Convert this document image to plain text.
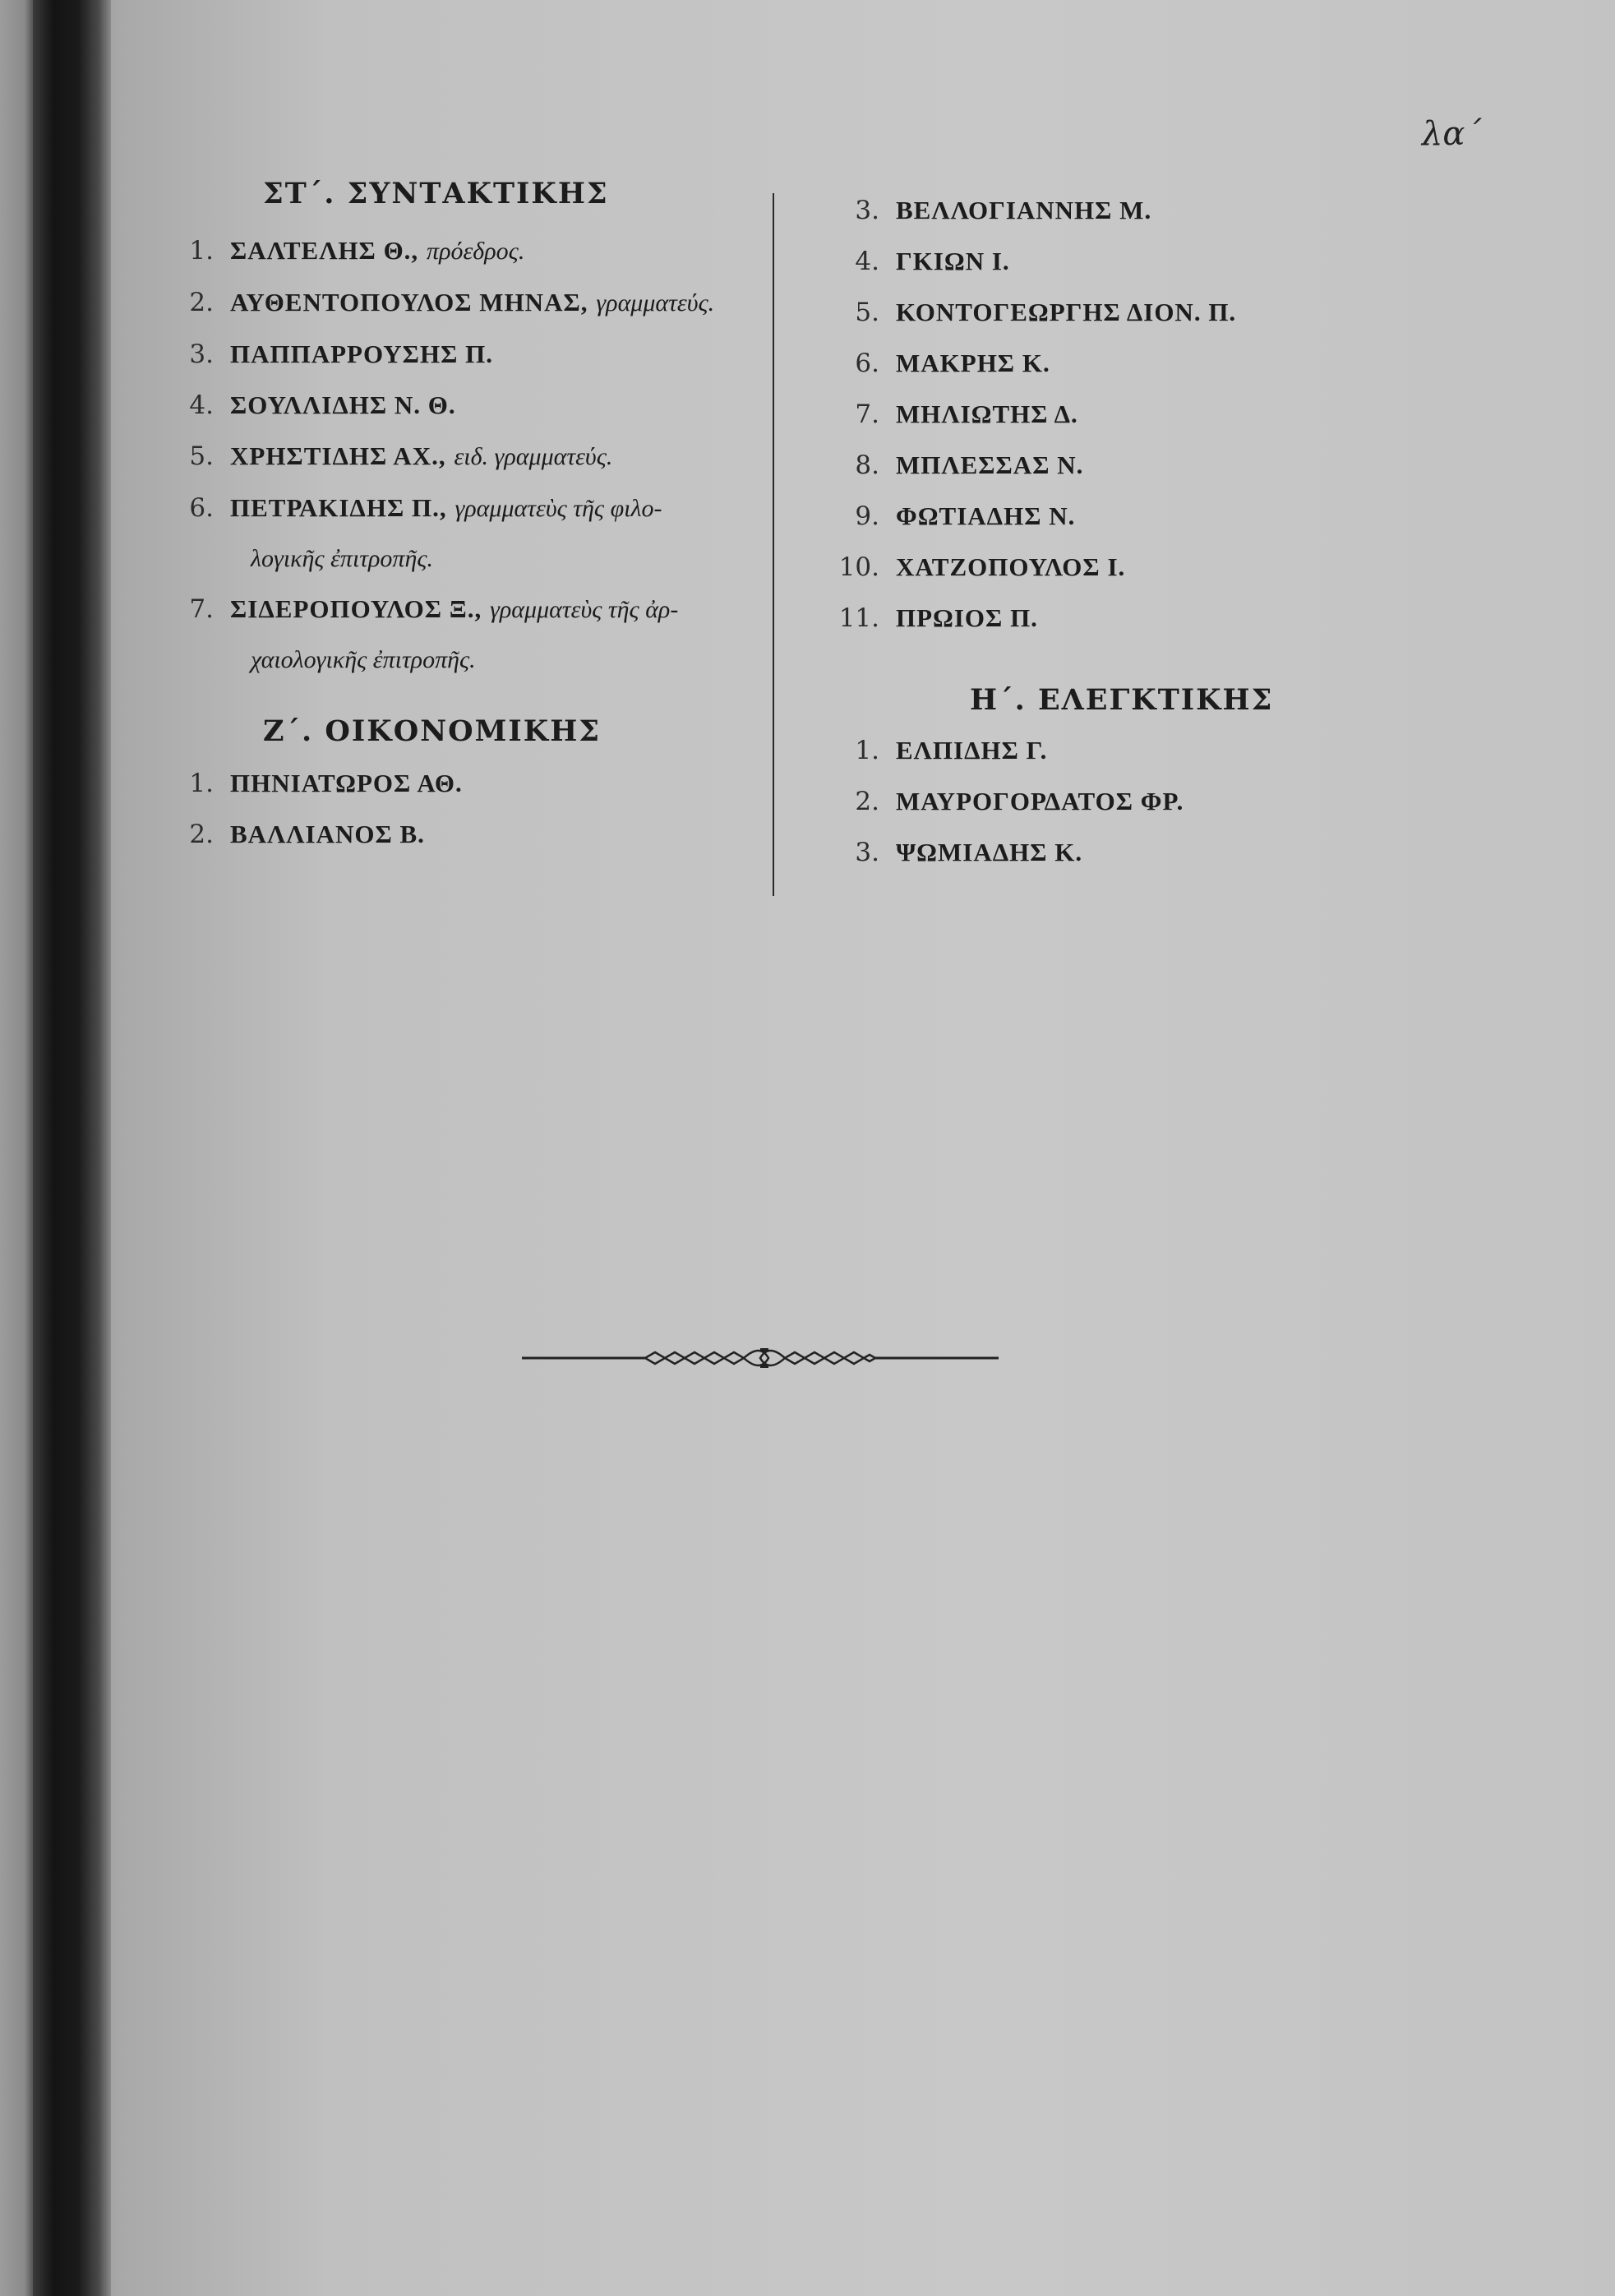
λα΄
ΣΤ΄. ΣΥΝΤΑΚΤΙΚΗΣ
1. ΣΑΛΤΕΛΗΣ Θ., πρόεδρος.
2. ΑΥΘΕΝΤΟΠΟΥΛΟΣ ΜΗΝΑΣ, γραμματεύς.
3. ΠΑΠΠΑΡΡΟΥΣΗΣ Π.
4. ΣΟΥΛΛΙΔΗΣ Ν. Θ.
5. ΧΡΗΣΤΙΔΗΣ ΑΧ., ειδ. γραμματεύς.
6. ΠΕΤΡΑΚΙΔΗΣ Π., γραμματεὺς τῆς φιλο-
λογικῆς ἐπιτροπῆς.
7. ΣΙΔΕΡΟΠΟΥΛΟΣ Ξ., γραμματεὺς τῆς ἀρ-
χαιολογικῆς ἐπιτροπῆς.
Ζ΄. ΟΙΚΟΝΟΜΙΚΗΣ
1. ΠΗΝΙΑΤΩΡΟΣ ΑΘ.
2. ΒΑΛΛΙΑΝΟΣ Β.
3. ΒΕΛΛΟΓΙΑΝΝΗΣ Μ.
4. ΓΚΙΩΝ Ι.
5. ΚΟΝΤΟΓΕΩΡΓΗΣ ΔΙΟΝ. Π.
6. ΜΑΚΡΗΣ Κ.
7. ΜΗΛΙΩΤΗΣ Δ.
8. ΜΠΛΕΣΣΑΣ Ν.
9. ΦΩΤΙΑΔΗΣ Ν.
10. ΧΑΤΖΟΠΟΥΛΟΣ Ι.
11. ΠΡΩΙΟΣ Π.
Η΄. ΕΛΕΓΚΤΙΚΗΣ
1. ΕΛΠΙΔΗΣ Γ.
2. ΜΑΥΡΟΓΟΡΔΑΤΟΣ ΦΡ.
3. ΨΩΜΙΑΔΗΣ Κ.
